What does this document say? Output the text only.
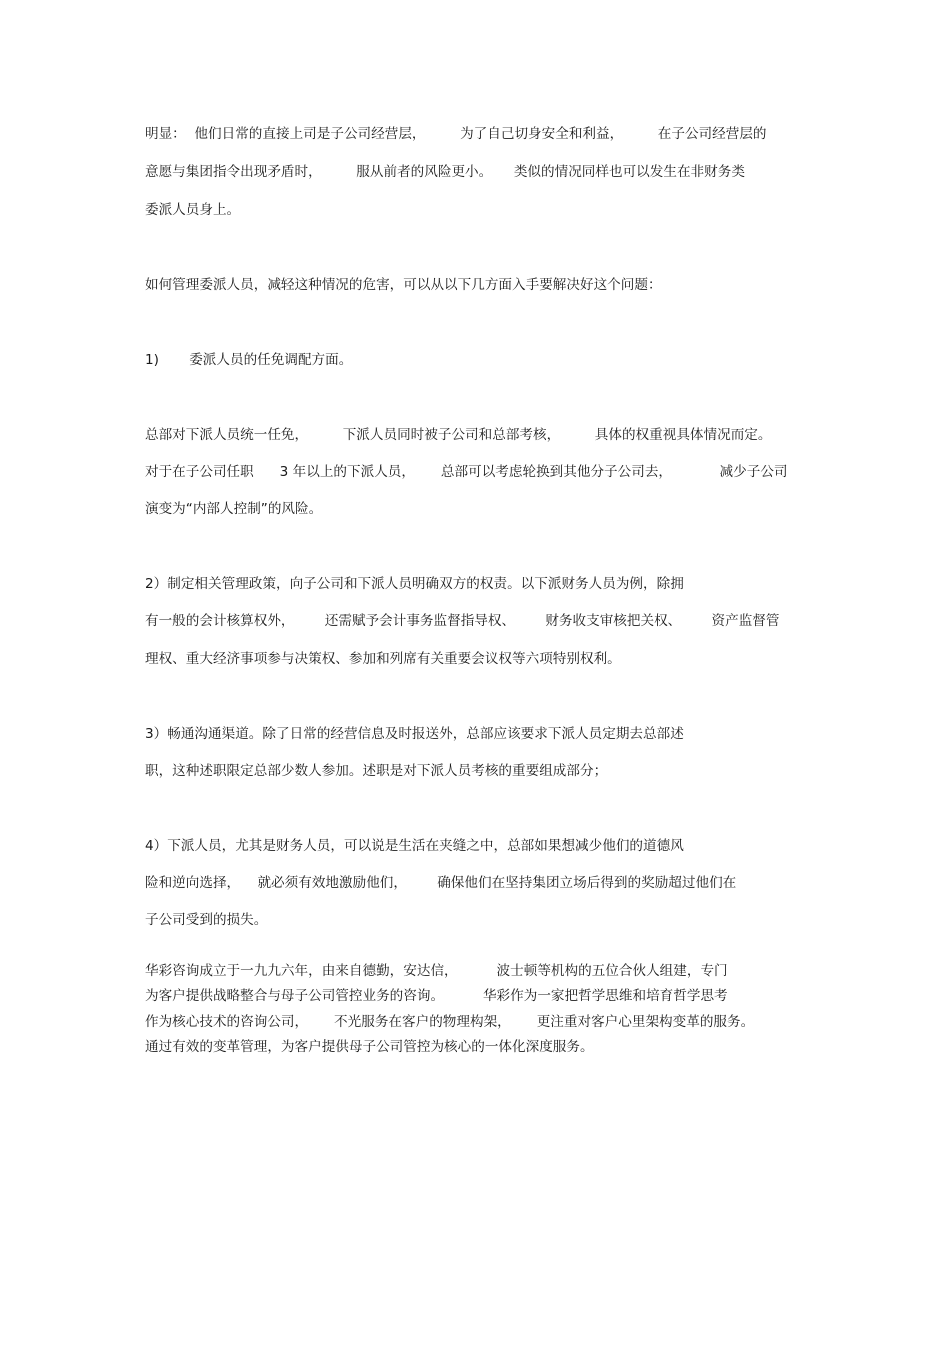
明显：  他们日常的直接上司是子公司经营层，        为了自己切身安全和利益，        在子公司经营层的

意愿与集团指令出现矛盾时，        服从前者的风险更小。     类似的情况同样也可以发生在非财务类

委派人员身上。

如何管理委派人员，减轻这种情况的危害，可以从以下几方面入手要解决好这个问题：

1)       委派人员的任免调配方面。

总部对下派人员统一任免，        下派人员同时被子公司和总部考核，        具体的权重视具体情况而定。

对于在子公司任职      3 年以上的下派人员，      总部可以考虑轮换到其他分子公司去，           减少子公司

演变为“内部人控制”的风险。

2）制定相关管理政策，向子公司和下派人员明确双方的权责。以下派财务人员为例，除拥

有一般的会计核算权外，       还需赋予会计事务监督指导权、       财务收支审核把关权、       资产监督管

理权、重大经济事项参与决策权、参加和列席有关重要会议权等六项特别权利。

3）畅通沟通渠道。除了日常的经营信息及时报送外，总部应该要求下派人员定期去总部述

职，这种述职限定总部少数人参加。述职是对下派人员考核的重要组成部分；

4）下派人员，尤其是财务人员，可以说是生活在夹缝之中，总部如果想减少他们的道德风

险和逆向选择，    就必须有效地激励他们，       确保他们在坚持集团立场后得到的奖励超过他们在

子公司受到的损失。

华彩咨询成立于一九九六年，由来自德勤，安达信，         波士顿等机构的五位合伙人组建，专门

为客户提供战略整合与母子公司管控业务的咨询。         华彩作为一家把哲学思维和培育哲学思考

作为核心技术的咨询公司，      不光服务在客户的物理构架，      更注重对客户心里架构变革的服务。

通过有效的变革管理，为客户提供母子公司管控为核心的一体化深度服务。
